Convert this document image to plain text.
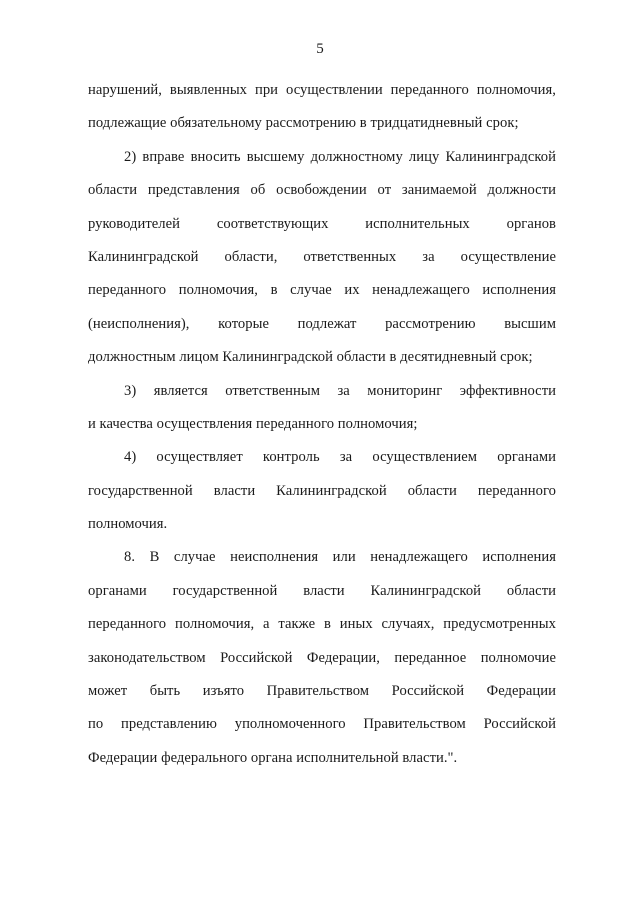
5
нарушений, выявленных при осуществлении переданного полномочия,
подлежащие обязательному рассмотрению в тридцатидневный срок;
2) вправе вносить высшему должностному лицу Калининградской
области представления об освобождении от занимаемой должности
руководителей соответствующих исполнительных органов
Калининградской области, ответственных за осуществление
переданного полномочия, в случае их ненадлежащего исполнения
(неисполнения), которые подлежат рассмотрению высшим
должностным лицом Калининградской области в десятидневный срок;
3) является ответственным за мониторинг эффективности
и качества осуществления переданного полномочия;
4) осуществляет контроль за осуществлением органами
государственной власти Калининградской области переданного
полномочия.
8. В случае неисполнения или ненадлежащего исполнения
органами государственной власти Калининградской области
переданного полномочия, а также в иных случаях, предусмотренных
законодательством Российской Федерации, переданное полномочие
может быть изъято Правительством Российской Федерации
по представлению уполномоченного Правительством Российской
Федерации федерального органа исполнительной власти.".
